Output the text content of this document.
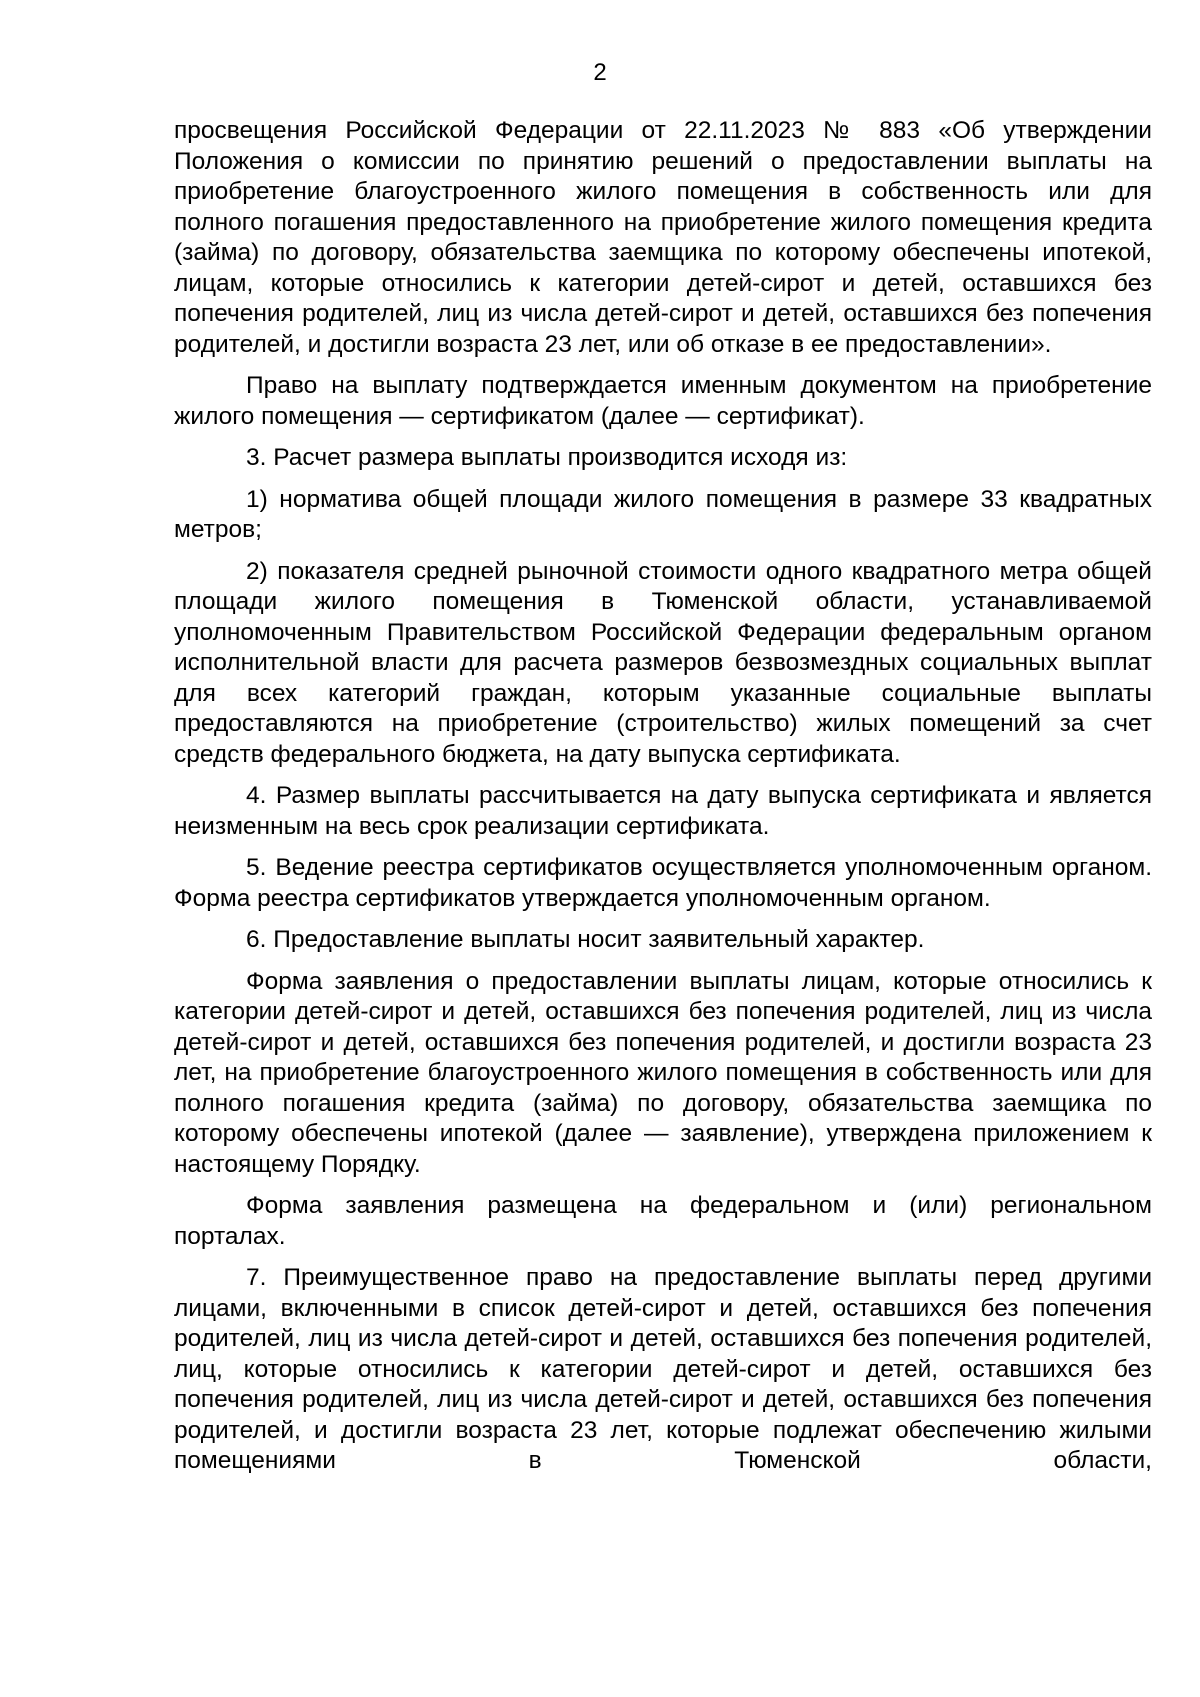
2

просвещения Российской Федерации от 22.11.2023 № 883 «Об утверждении Положения о комиссии по принятию решений о предоставлении выплаты на приобретение благоустроенного жилого помещения в собственность или для полного погашения предоставленного на приобретение жилого помещения кредита (займа) по договору, обязательства заемщика по которому обеспечены ипотекой, лицам, которые относились к категории детей-сирот и детей, оставшихся без попечения родителей, лиц из числа детей-сирот и детей, оставшихся без попечения родителей, и достигли возраста 23 лет, или об отказе в ее предоставлении».

Право на выплату подтверждается именным документом на приобретение жилого помещения — сертификатом (далее — сертификат).

3. Расчет размера выплаты производится исходя из:

1) норматива общей площади жилого помещения в размере 33 квадратных метров;

2) показателя средней рыночной стоимости одного квадратного метра общей площади жилого помещения в Тюменской области, устанавливаемой уполномоченным Правительством Российской Федерации федеральным органом исполнительной власти для расчета размеров безвозмездных социальных выплат для всех категорий граждан, которым указанные социальные выплаты предоставляются на приобретение (строительство) жилых помещений за счет средств федерального бюджета, на дату выпуска сертификата.

4. Размер выплаты рассчитывается на дату выпуска сертификата и является неизменным на весь срок реализации сертификата.

5. Ведение реестра сертификатов осуществляется уполномоченным органом. Форма реестра сертификатов утверждается уполномоченным органом.

6. Предоставление выплаты носит заявительный характер.

Форма заявления о предоставлении выплаты лицам, которые относились к категории детей-сирот и детей, оставшихся без попечения родителей, лиц из числа детей-сирот и детей, оставшихся без попечения родителей, и достигли возраста 23 лет, на приобретение благоустроенного жилого помещения в собственность или для полного погашения кредита (займа) по договору, обязательства заемщика по которому обеспечены ипотекой (далее — заявление), утверждена приложением к настоящему Порядку.

Форма заявления размещена на федеральном и (или) региональном порталах.

7. Преимущественное право на предоставление выплаты перед другими лицами, включенными в список детей-сирот и детей, оставшихся без попечения родителей, лиц из числа детей-сирот и детей, оставшихся без попечения родителей, лиц, которые относились к категории детей-сирот и детей, оставшихся без попечения родителей, лиц из числа детей-сирот и детей, оставшихся без попечения родителей, и достигли возраста 23 лет, которые подлежат обеспечению жилыми помещениями в Тюменской области,
